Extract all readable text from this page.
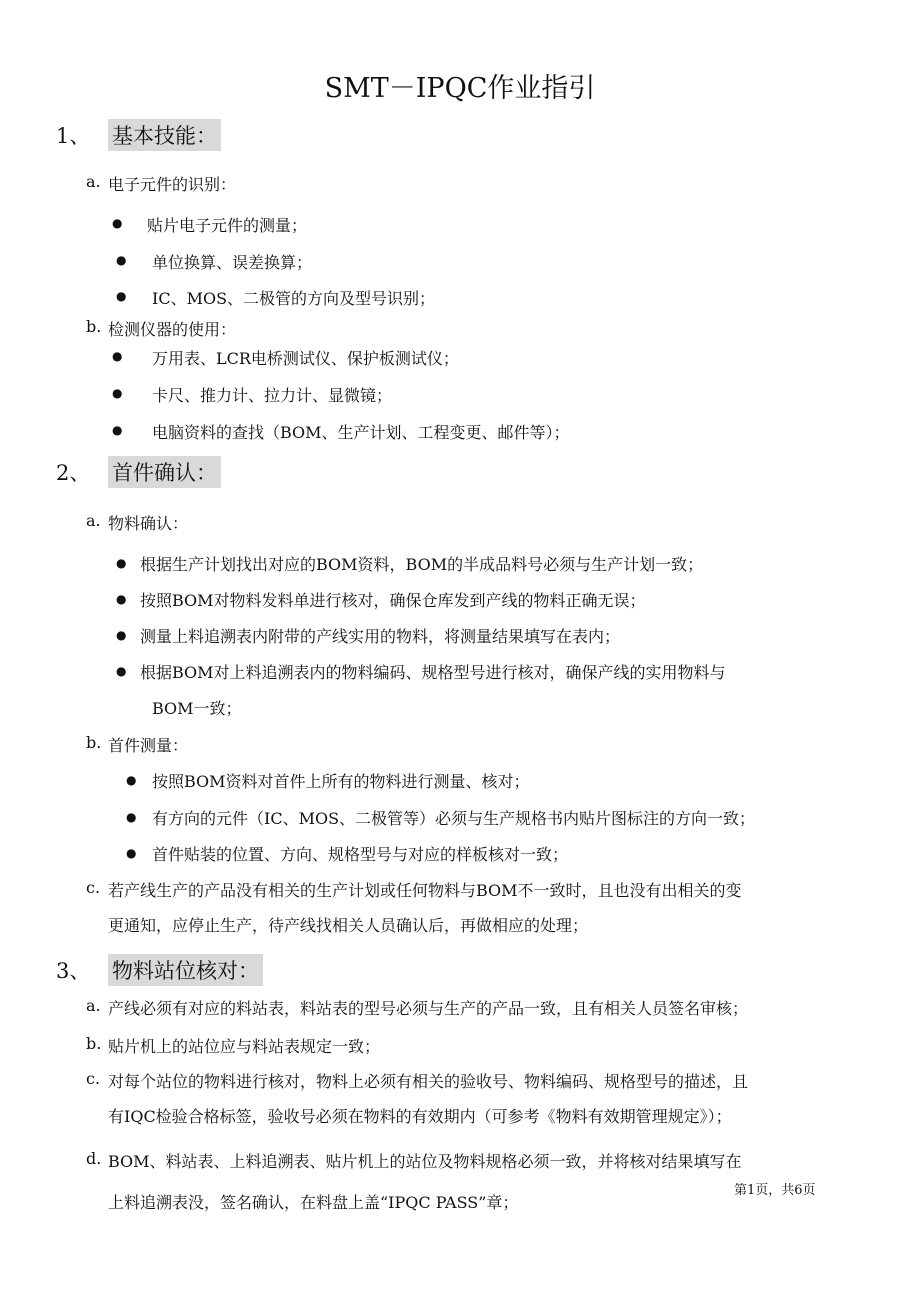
SMT－IPQC作业指引
1、 基本技能：
a. 电子元件的识别：
● 贴片电子元件的测量；
● 单位换算、误差换算；
● IC、MOS、二极管的方向及型号识别；
b. 检测仪器的使用：
● 万用表、LCR电桥测试仪、保护板测试仪；
● 卡尺、推力计、拉力计、显微镜；
● 电脑资料的查找（BOM、生产计划、工程变更、邮件等）；
2、 首件确认：
a. 物料确认：
● 根据生产计划找出对应的BOM资料，BOM的半成品料号必须与生产计划一致；
● 按照BOM对物料发料单进行核对，确保仓库发到产线的物料正确无误；
● 测量上料追溯表内附带的产线实用的物料，将测量结果填写在表内；
● 根据BOM对上料追溯表内的物料编码、规格型号进行核对，确保产线的实用物料与
BOM一致；
b. 首件测量：
● 按照BOM资料对首件上所有的物料进行测量、核对；
● 有方向的元件（IC、MOS、二极管等）必须与生产规格书内贴片图标注的方向一致；
● 首件贴装的位置、方向、规格型号与对应的样板核对一致；
c. 若产线生产的产品没有相关的生产计划或任何物料与BOM不一致时，且也没有出相关的变
更通知，应停止生产，待产线找相关人员确认后，再做相应的处理；
3、 物料站位核对：
a. 产线必须有对应的料站表，料站表的型号必须与生产的产品一致，且有相关人员签名审核；
b. 贴片机上的站位应与料站表规定一致；
c. 对每个站位的物料进行核对，物料上必须有相关的验收号、物料编码、规格型号的描述，且
有IQC检验合格标签，验收号必须在物料的有效期内（可参考《物料有效期管理规定》）；
d. BOM、料站表、上料追溯表、贴片机上的站位及物料规格必须一致，并将核对结果填写在
上料追溯表没，签名确认，在料盘上盖“IPQC PASS”章；
第1页，共6页
